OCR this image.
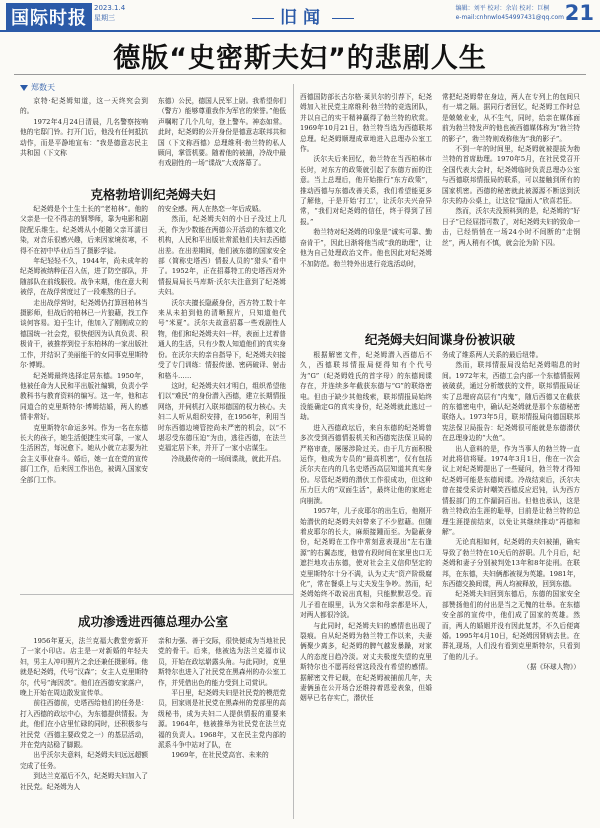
国际时报	2023.1.4
星期三	旧闻	编辑：刘平 校对：余岩 校对：巨桐
e-mail:cnhnwlo454997431@qq.com 21
德版“史密斯夫妇”的悲剧人生
郑数天

京特·纪尧姆知道，这一天终究会到的。

1972年4月24日清晨，几名警察按响他的宅邸门铃。打开门后，他没有任何抵抗动作，而是平静地宣布：“我是德意志民主共和国（下文称

东德）公民，德国人民军上尉。我希望你们（警方）能够尊重我作为军官的荣誉。”他低声嘱咐了几个几句，登上警车。神态如常。此时，纪尧姆的公开身份是德意志联邦共和国（下文称西德）总理维利·勃兰特的私人顾问，掌管机要。随着他的被捕，冷战中最有戏剧性的一场“谍战”大戏落幕了。

克格勃培训纪尧姆夫妇

纪尧姆是个土生土长的“老柏林”。他的父亲是一位不得志的钢琴师，靠为电影和剧院配乐维生。纪尧姆从小便随父亲耳濡目染，对音乐很感兴趣，后来因家境贫寒，不得不在初中毕业后当了摄影学徒。

年纪轻轻不久，1944年，尚未成年的纪尧姆被纳粹征召入伍，进了防空部队，并随部队在前线服役。战争末期，他在意大利被俘，在战俘营度过了一段难熬的日子。

走出战俘营时，纪尧姆仍打算回柏林当摄影师，但战后的柏林已一片狼藉，找工作谈何容易。迫于生计，他加入了刚刚成立的德国统一社会党，很快便因为认真负责、积极肯干，被推荐到位于东柏林的一家出版社工作，并结识了美丽能干的女同事克里斯特尔·博姆。

纪尧姆最终选择定居东德。1950年，他被任命为人民和平出版社编辑，负责小学教科书与教育资料的编写。这一年，他和志同道合的克里斯特尔·博姆结婚，两人的感情非常好。

克里斯特尔命运多舛。作为一名在东德长大的孩子，她生活便捷生实可靠，一家人生活困苦，每况愈下。她从小就立志要为社会主义事业奋斗。婚后，她一直在党的宣传部门工作，后来因工作出色，被调入国家安全部门工作。

的安全感。两人在热恋一年后成婚。

然而，纪尧姆夫妇的小日子没过上几天，作为少数能在两德公开活动的东德文化机构，人民和平出版社常派他们夫妇去西德出差。在出差期间，他们被东德的国家安全部（简称史塔西）情报人员的“猎头”看中了。1952年，正在招募特工的史塔西对外情报局局长马库斯·沃尔夫注意到了纪尧姆夫妇。

沃尔夫擅长隐蔽身份，西方特工数十年来从未拍到他的清晰照片，只知道他代号“米夏”。沃尔夫故意招募一些戏剧性人物，他们和纪尧姆夫妇一样，表面上过着普通人的生活，只有少数人知道他们的真实身份。在沃尔夫的亲自指导下，纪尧姆夫妇接受了专门训练：情报传递、密码破译、射击和格斗……

这时，纪尧姆夫妇才明白，组织希望他们以“难民”的身份潜入西德，建立长期情报网络，并伺机打入联邦德国的权力核心。夫妇二人听从组织安排，在1956年，利用当时东西德边境管控尚未严密的机会，以“不堪忍受东德压迫”为由，逃往西德，在法兰克福定居下来，并开了一家小店谋生。

冷战最传奇的一场间谍战，就此开启。

成功渗透进西德总理办公室

1956年夏天，法兰克福大教堂旁新开了一家小印店。店主是一对新婚的年轻夫妇，男主人冲印照片之余还兼任摄影师。他就是纪尧姆，代号“汉森”；女主人克里斯特尔，代号“海因茨”。他们在西德安家落户，晚上开始在周边散发宣传单。

前往西德前，史塔西给他们的任务是：打入西德的政坛中心，为东德提供情报。为此，他们在小店里忙碌的同时，还积极参与社民党（西德主要政党之一）的基层活动，并在党内站稳了脚跟。

出乎沃尔夫意料，纪尧姆夫妇远远超额完成了任务。

到达兰克福后不久，纪尧姆夫妇加入了社民党。纪尧姆为人

亲和力强、善于交际，很快便成为当地社民党的骨干。后来，他被选为法兰克福市议员，开始在政坛崭露头角。与此同时，克里斯特尔也进入了社民党在黑森州的办公室工作，并凭借出色的能力受到上司赏识。

平日里，纪尧姆夫妇是社民党的模范党员，回家则是社民党在黑森州的党部里的高级秘书，成为夫妇二人提供情报的重要来源。1964年，他被推举为社民党在法兰克福的负责人。1968年，又在民主党内部的派系斗争中站对了队，在

1969年，在社民党高官、未来的

西德国防部长古尔格·莱贝尔的引荐下，纪尧姆加入社民党主席维利·勃兰特的竞选团队，并以自己的实干精神赢得了勃兰特的欣赏。1969年10月21日，勃兰特当选为西德联邦总理。纪尧姆顺理成章地进入总理办公室工作。

沃尔夫后来回忆，勃兰特在当西柏林市长时，对东方的政策就引起了东德方面的注意。当上总理后，他开始推行“东方政策”，推动西德与东德改善关系，我们希望能更多了解他，于是开始‘打工’，让沃尔夫兴奋异常，“我们对纪尧姆的信任，终于得到了回报。”

勃兰特对纪尧姆的印象是“诚实可靠、勤奋肯干”，因此日渐将他当成“我的助理”，让他为自己处理政治文件。他也因此对纪尧姆不加防范。勃兰特外出进行竞选活动时，

常把纪尧姆带在身边，两人在专列上的包间只有一墙之隔。据同行者回忆，纪尧姆工作时总是兢兢业业，从不生气，同时，给亲在媒体面前为勃兰特发声的他也被西德媒体称为“勃兰特的影子”，勃兰特则戏称他为“我的影子”。

不到一年的时间里，纪尧姆就被提拔为勃兰特的首席助理。1970年5月，在社民党召开全国代表大会时，纪尧姆临时负责总理办公室与西德联邦情报局的联系，可以接触到所有的国家机密。西德的秘密就此被源源不断送到沃尔夫的办公桌上，让这位“隐面人”欣喜若狂。

然而，沃尔夫没预料到的是，纪尧姆的“好日子”已经屈指可数了，对纪尧姆夫妇的致命一击，已经悄悄在一场24小时不间断的“走钢丝”，两人稍有不慎，就会沦为阶下囚。

纪尧姆夫妇间谍身份被识破

根据解密文件，纪尧姆潜入西德后不久，西德联邦情报局便得知有个代号为“G”（纪尧姆姓氏的首字母）的东德间谍存在，并连续多年截获东德与“G”的联络密电。但由于缺少其他线索，联邦情报局始终没能确定G的真实身份，纪尧姆就此逃过一劫。

进入西德政坛后，来自东德的纪尧姆曾多次受到西德情报机关和西德宪法保卫局的严格审查，屡屡涉险过关。由于几方面积极运作，他成为专员的“最高机密”，仅有包括沃尔夫在内的几名史塔西高层知道其真实身份。尽管纪尧姆的潜伏工作很成功，但这种压力巨大的“双面生活”，最终让他的家庭走向崩溃。

1957年，儿子皮耶尔的出生后，他刚开始潜伏的纪尧姆夫妇带来了不少慰藉。但随着皮耶尔的长大，麻烦接踵而至。为隐蔽身份，纪尧姆在工作中常刻意表现出“左右逢源”的右翼态度，他曾有段时间在家里也口无遮拦地攻击东德，使对社会主义信仰坚定的克里斯特尔十分不满，认为丈夫“资产阶级腐化”，常在餐桌上与丈夫发生争吵。然而，纪尧姆始终不敢说出真相，只能默默忍受。而儿子看在眼里，认为父亲和母亲都是坏人，对两人都很冷淡。

与此同时，纪尧姆夫妇的感情也出现了裂痕。自从纪尧姆为勃兰特工作以来，夫妻俩聚少离多，纪尧姆的脾气越发暴躁，对家人的态度日趋冷淡。对丈夫极度失望的克里斯特尔也不愿再经营这段没有希望的感情。据解密文件记载，在纪尧姆被捕前几年，夫妻俩虽在公开场合还维持着恩爱表象，但婚姻早已名存实亡，潜伏任

务成了维系两人关系的最后纽带。

然而，联邦情报局没给纪尧姆喘息的时间。1972年末，西德工会内部一个东德情报网被破获，通过分析缴获的文件，联邦情报局证实了总理府高层有“内鬼”，随后西德又在截获的东德密电中，确认纪尧姆就是那个东德秘密联络人。1973年5月，联邦情报局向德国联邦宪法保卫局报告：纪尧姆很可能就是东德潜伏在总理身边的“大鱼”。

出人意料的是，作为当事人的勃兰特一直对此将信将疑。1974年3月1日，他在一次会议上对纪尧姆提出了一些疑问，勃兰特才得知纪尧姆可能是东德间谍。冷战结束后，沃尔夫曾在接受采访时嘲笑西德反应迟钝，认为西方情报部门的工作漏洞百出。但他也承认，这是勃兰特政治生涯的耻辱，目前是让勃兰特的总理生涯提前结束，以免让其继续推动“再德和解”。

无论真相如何，纪尧姆的夫妇被捕，确实导致了勃兰特在10天后的辞职。几个月后，纪尧姆和妻子分别被判处13年和8年徒刑。在联邦，在东德，夫妇俩都被视为英雄。1981年，东西德交换间谍，两人均被释放，回到东德。

纪尧姆夫妇回到东德后，东德的国家安全部赞扬他们的付出是当之无愧的壮举。在东德安全部的宣传中，他们成了国家的英雄。然而，两人的婚姻并没有因此复苏，不久后便离婚。1995年4月10日，纪尧姆因肾病去世。在葬礼现场，人们没有看到克里斯特尔，只看到了他的儿子。

（据《环球人物》）
